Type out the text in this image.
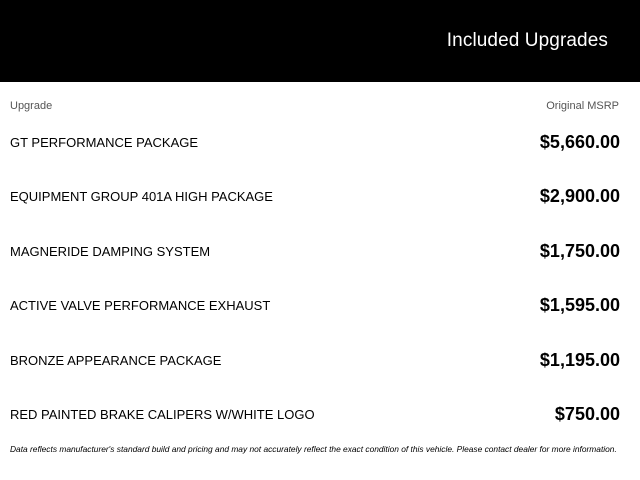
Included Upgrades
Upgrade	Original MSRP
GT PERFORMANCE PACKAGE	$5,660.00
EQUIPMENT GROUP 401A HIGH PACKAGE	$2,900.00
MAGNERIDE DAMPING SYSTEM	$1,750.00
ACTIVE VALVE PERFORMANCE EXHAUST	$1,595.00
BRONZE APPEARANCE PACKAGE	$1,195.00
RED PAINTED BRAKE CALIPERS W/WHITE LOGO	$750.00
Data reflects manufacturer's standard build and pricing and may not accurately reflect the exact condition of this vehicle. Please contact dealer for more information.
